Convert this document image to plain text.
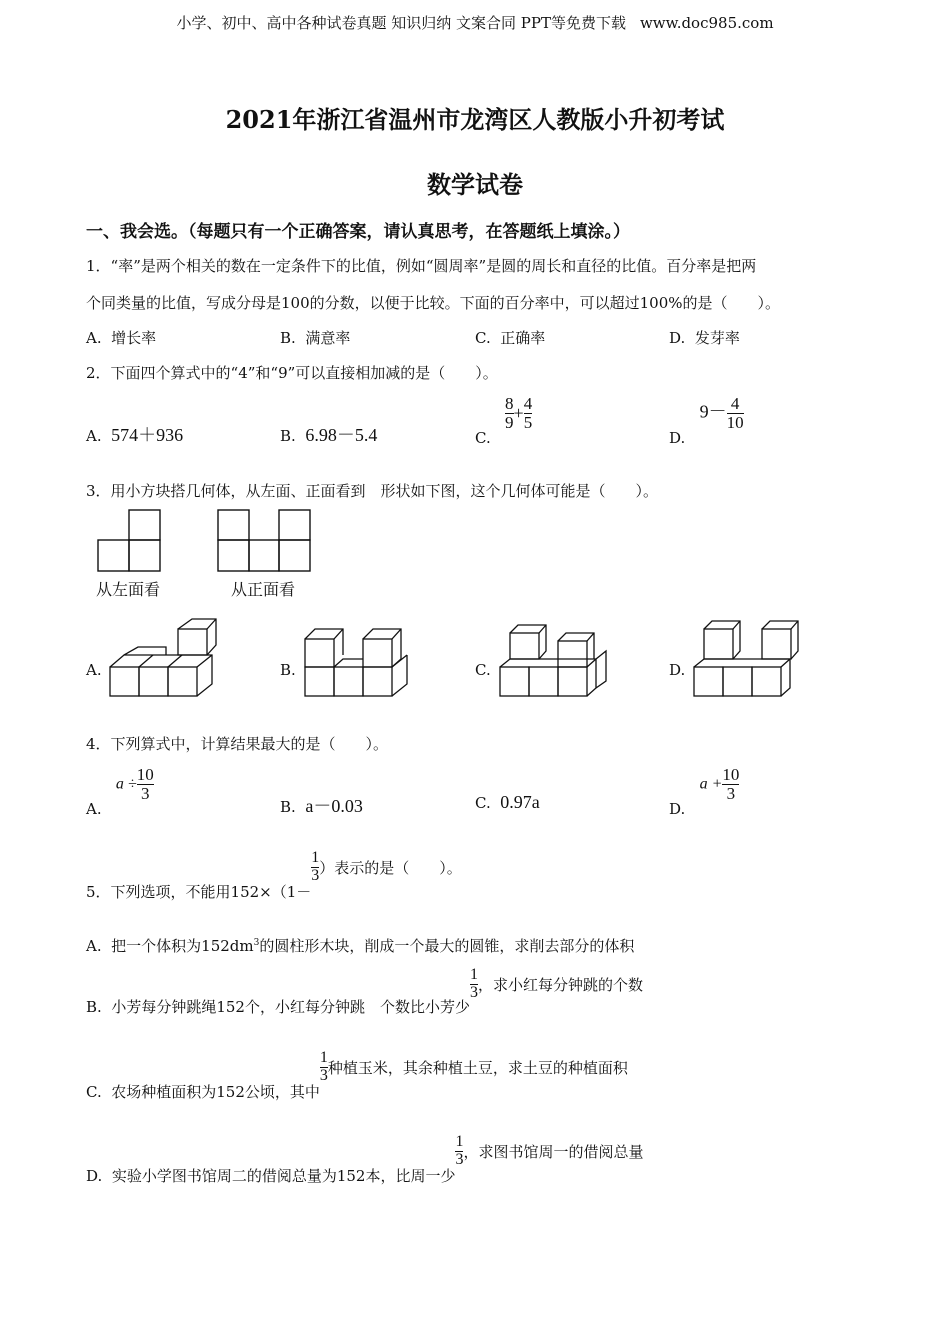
小学、初中、高中各种试卷真题 知识归纳 文案合同 PPT等免费下载 www.doc985.com
2021年浙江省温州市龙湾区人教版小升初考试
数学试卷
一、我会选。（每题只有一个正确答案，请认真思考，在答题纸上填涂。）
1．“率”是两个相关的数在一定条件下的比值，例如“圆周率”是圆的周长和直径的比值。百分率是把两
个同类量的比值，写成分母是100的分数，以便于比较。下面的百分率中，可以超过100%的是（　　）。
A. 增长率	B. 满意率	C. 正确率	D. 发芽率
2．下面四个算式中的“4”和“9”可以直接相加减的是（　　）。
A. 574＋936	B. 6.98－5.4	C.
$\frac{8}{9} + \frac{4}{5}$
D.   $9- \frac{4}{10}$
3．用小方块搭几何体，从左面、正面看到　形状如下图，这个几何体可能是（　　）。
从左面看	从正面看
A.	B.	C.	D.
4．下列算式中，计算结果最大的是（　　）。
A.   $a \div \frac{10}{3}$
B. a－0.03	C. 0.97a	D.   $a + \frac{10}{3}$
5．下列选项，不能用152×（1－
$\frac{1}{3}$ ）表示的是（　　）。
A. 把一个体积为$152dm^3$的圆柱形木块，削成一个最大的圆锥，求削去部分的体积
B. 小芳每分钟跳绳152个，小红每分钟跳　个数比小芳少
$\frac{1}{3}$ ，求小红每分钟跳的个数
C. 农场种植面积为152公顷，其中
$\frac{1}{3}$ 种植玉米，其余种植土豆，求土豆的种植面积
D. 实验小学图书馆周二的借阅总量为152本，比周一少
$\frac{1}{3}$ ，求图书馆周一的借阅总量
